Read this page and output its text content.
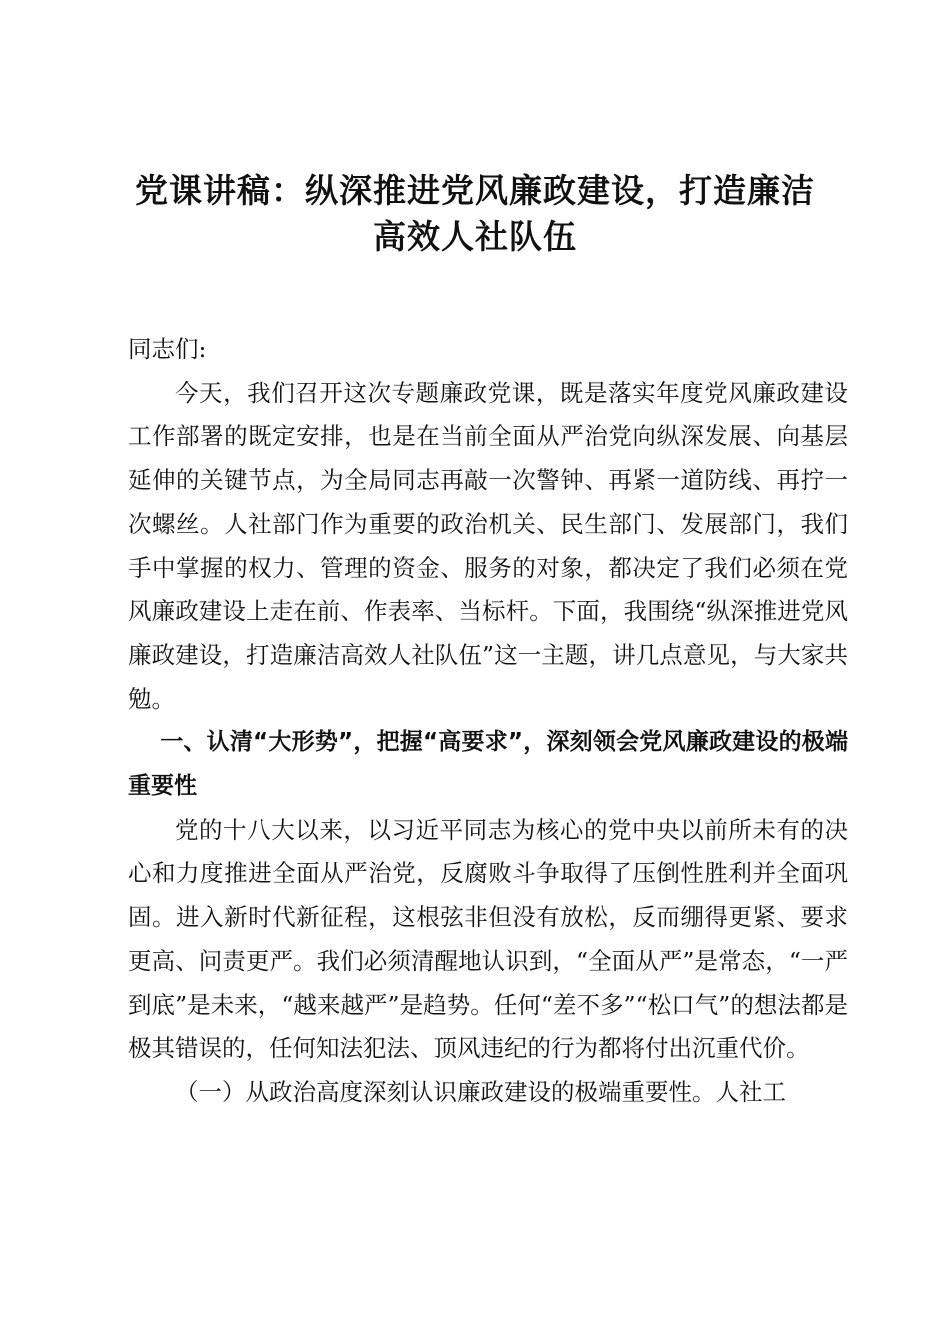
党课讲稿：纵深推进党风廉政建设，打造廉洁
高效人社队伍

同志们:

今天，我们召开这次专题廉政党课，既是落实年度党风廉政建设工作部署的既定安排，也是在当前全面从严治党向纵深发展、向基层延伸的关键节点，为全局同志再敲一次警钟、再紧一道防线、再拧一次螺丝。人社部门作为重要的政治机关、民生部门、发展部门，我们手中掌握的权力、管理的资金、服务的对象，都决定了我们必须在党风廉政建设上走在前、作表率、当标杆。下面，我围绕“纵深推进党风廉政建设，打造廉洁高效人社队伍”这一主题，讲几点意见，与大家共勉。

一、认清“大形势”，把握“高要求”，深刻领会党风廉政建设的极端重要性

党的十八大以来，以习近平同志为核心的党中央以前所未有的决心和力度推进全面从严治党，反腐败斗争取得了压倒性胜利并全面巩固。进入新时代新征程，这根弦非但没有放松，反而绷得更紧、要求更高、问责更严。我们必须清醒地认识到，“全面从严”是常态，“一严到底”是未来，“越来越严”是趋势。任何“差不多”“松口气”的想法都是极其错误的，任何知法犯法、顶风违纪的行为都将付出沉重代价。

（一）从政治高度深刻认识廉政建设的极端重要性。人社工
